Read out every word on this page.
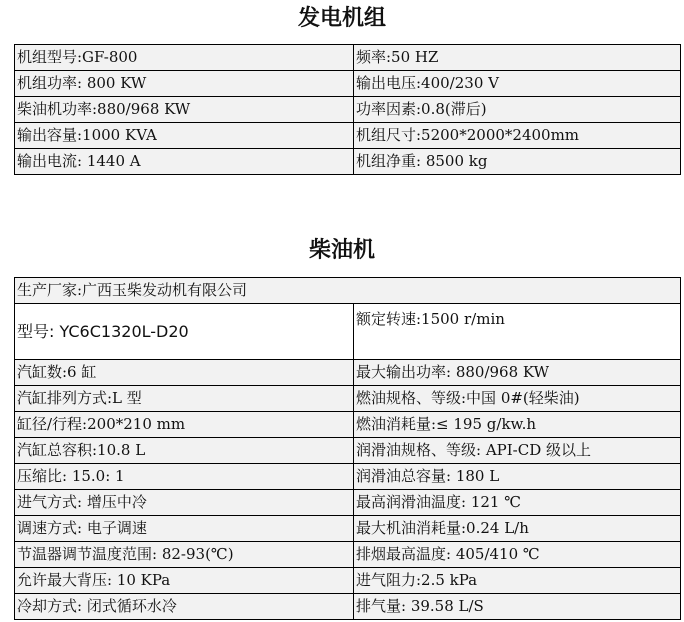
发电机组
机组型号:GF-800	频率:50 HZ
机组功率: 800 KW	输出电压:400/230 V
柴油机功率:880/968 KW	功率因素:0.8(滞后)
输出容量:1000 KVA	机组尺寸:5200*2000*2400mm
输出电流: 1440 A	机组净重: 8500 kg
柴油机
生产厂家:广西玉柴发动机有限公司	
型号: YC6C1320L-D20	额定转速:1500 r/min
汽缸数:6 缸	最大输出功率: 880/968 KW
汽缸排列方式:L 型	燃油规格、等级:中国 0#(轻柴油)
缸径/行程:200*210 mm	燃油消耗量:≤ 195 g/kw.h
汽缸总容积:10.8 L	润滑油规格、等级: API-CD 级以上
压缩比: 15.0: 1	润滑油总容量: 180 L
进气方式: 增压中冷	最高润滑油温度: 121 ℃
调速方式: 电子调速	最大机油消耗量:0.24 L/h
节温器调节温度范围: 82-93(℃)	排烟最高温度: 405/410 ℃
允许最大背压: 10 KPa	进气阻力:2.5 kPa
冷却方式: 闭式循环水冷	排气量: 39.58 L/S
